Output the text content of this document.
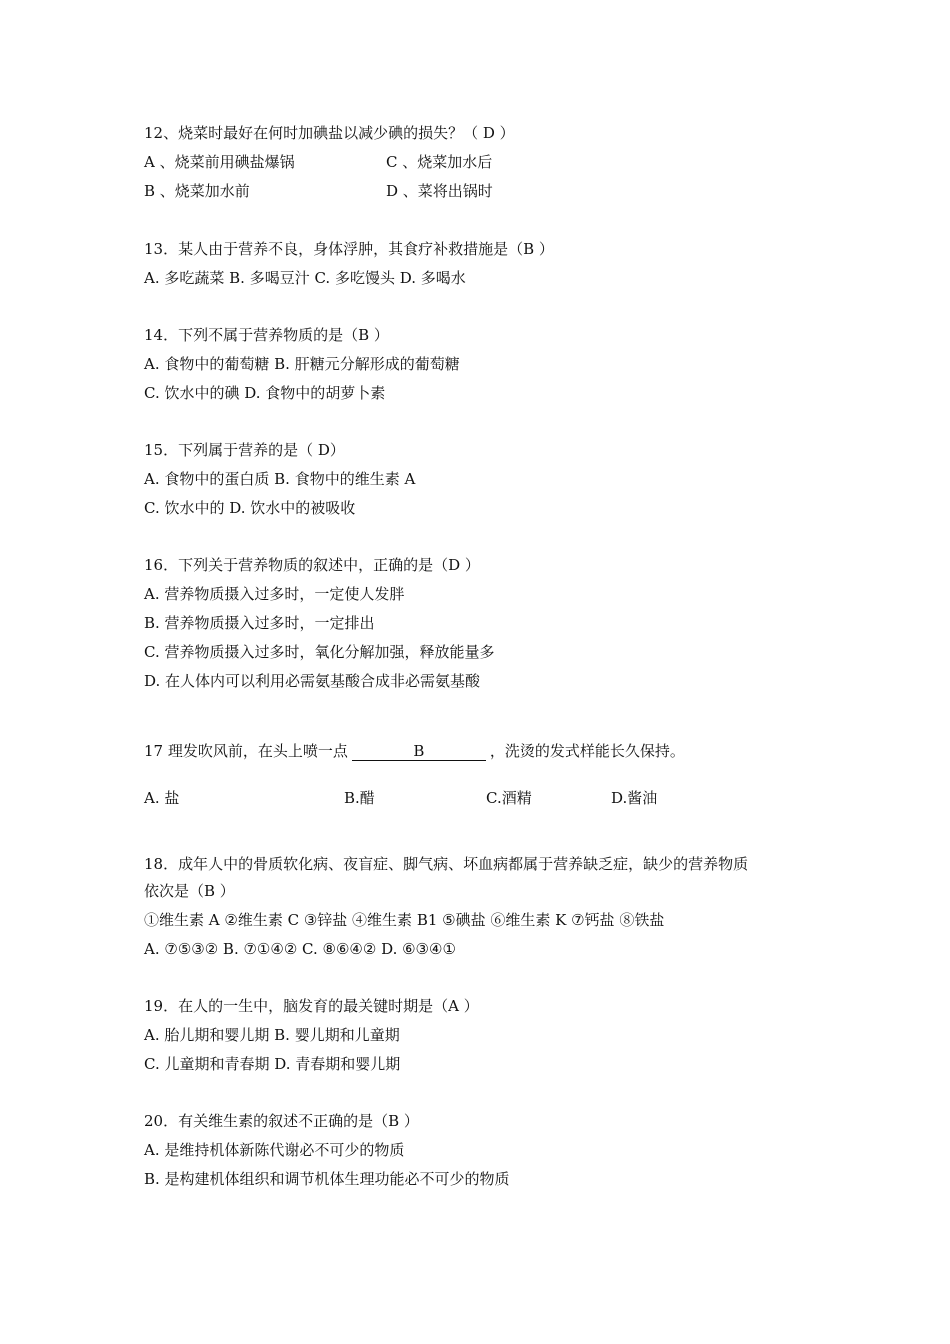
12、烧菜时最好在何时加碘盐以减少碘的损失？（ D ）
A 、烧菜前用碘盐爆锅	C 、烧菜加水后
B 、烧菜加水前	D 、菜将出锅时
13．某人由于营养不良，身体浮肿，其食疗补救措施是（B ）
A. 多吃蔬菜 B. 多喝豆汁 C. 多吃馒头 D. 多喝水
14．下列不属于营养物质的是（B ）
A. 食物中的葡萄糖 B. 肝糖元分解形成的葡萄糖
C. 饮水中的碘 D. 食物中的胡萝卜素
15．下列属于营养的是（ D）
A. 食物中的蛋白质 B. 食物中的维生素 A
C. 饮水中的 D. 饮水中的被吸收
16．下列关于营养物质的叙述中，正确的是（D ）
A. 营养物质摄入过多时，一定使人发胖
B. 营养物质摄入过多时，一定排出
C. 营养物质摄入过多时，氧化分解加强，释放能量多
D. 在人体内可以利用必需氨基酸合成非必需氨基酸
17 理发吹风前，在头上喷一点	B	，洗烫的发式样能长久保持。
A. 盐	B.醋	C.酒精	D.酱油
18．成年人中的骨质软化病、夜盲症、脚气病、坏血病都属于营养缺乏症，缺少的营养物质
依次是（B ）
①维生素 A ②维生素 C ③锌盐 ④维生素 B1 ⑤碘盐 ⑥维生素 K ⑦钙盐 ⑧铁盐
A. ⑦⑤③② B. ⑦①④② C. ⑧⑥④② D. ⑥③④①
19．在人的一生中，脑发育的最关键时期是（A ）
A. 胎儿期和婴儿期 B. 婴儿期和儿童期
C. 儿童期和青春期 D. 青春期和婴儿期
20．有关维生素的叙述不正确的是（B ）
A. 是维持机体新陈代谢必不可少的物质
B. 是构建机体组织和调节机体生理功能必不可少的物质
